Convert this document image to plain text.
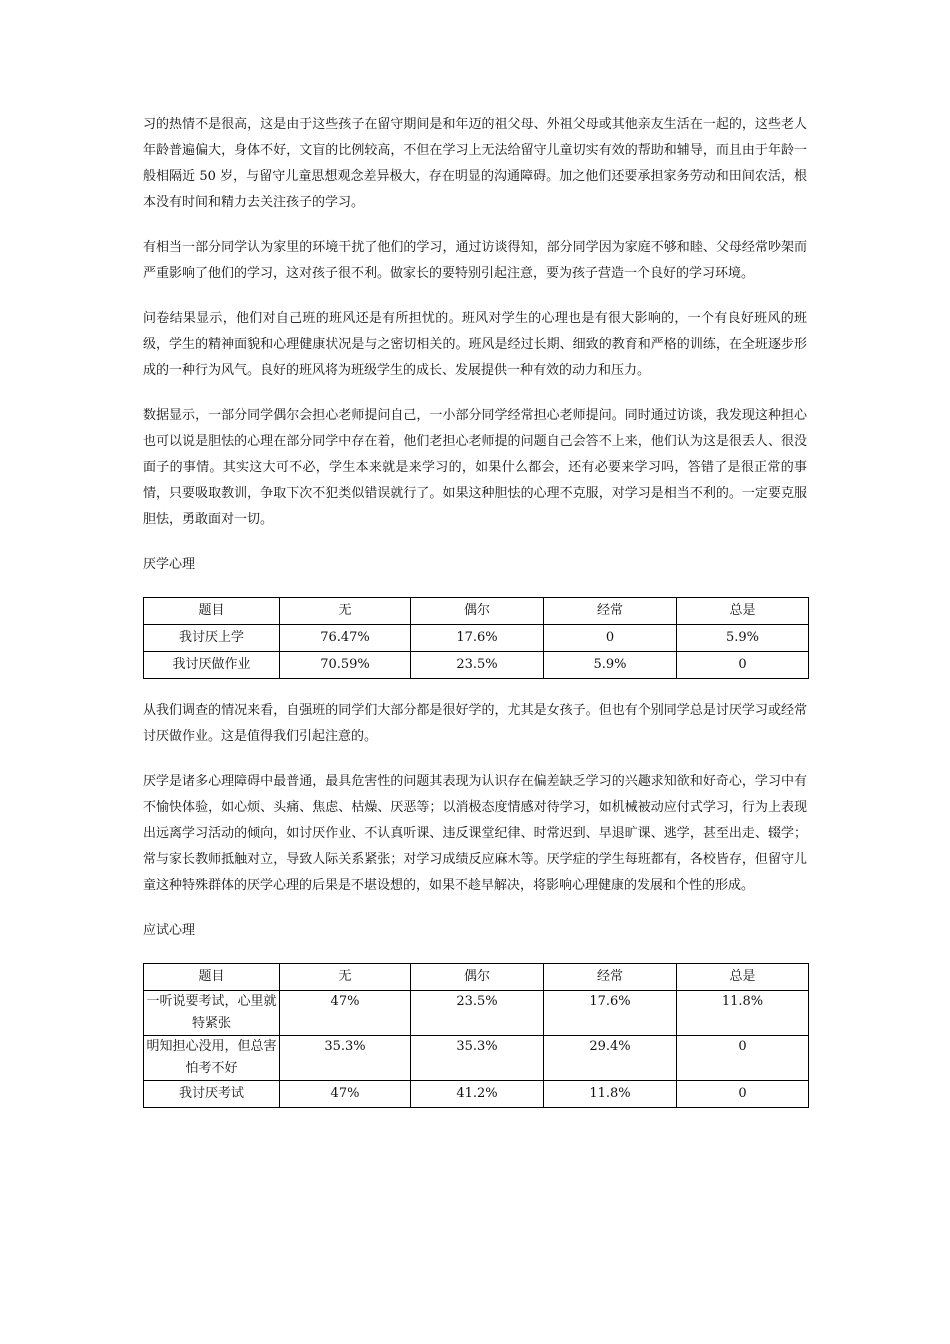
习的热情不是很高，这是由于这些孩子在留守期间是和年迈的祖父母、外祖父母或其他亲友生活在一起的，这些老人年龄普遍偏大，身体不好，文盲的比例较高，不但在学习上无法给留守儿童切实有效的帮助和辅导，而且由于年龄一般相隔近 50 岁，与留守儿童思想观念差异极大，存在明显的沟通障碍。加之他们还要承担家务劳动和田间农活，根本没有时间和精力去关注孩子的学习。

有相当一部分同学认为家里的环境干扰了他们的学习，通过访谈得知，部分同学因为家庭不够和睦、父母经常吵架而严重影响了他们的学习，这对孩子很不利。做家长的要特别引起注意，要为孩子营造一个良好的学习环境。

问卷结果显示，他们对自己班的班风还是有所担忧的。班风对学生的心理也是有很大影响的，一个有良好班风的班级，学生的精神面貌和心理健康状况是与之密切相关的。班风是经过长期、细致的教育和严格的训练，在全班逐步形成的一种行为风气。良好的班风将为班级学生的成长、发展提供一种有效的动力和压力。

数据显示，一部分同学偶尔会担心老师提问自己，一小部分同学经常担心老师提问。同时通过访谈，我发现这种担心也可以说是胆怯的心理在部分同学中存在着，他们老担心老师提的问题自己会答不上来，他们认为这是很丢人、很没面子的事情。其实这大可不必，学生本来就是来学习的，如果什么都会，还有必要来学习吗，答错了是很正常的事情，只要吸取教训，争取下次不犯类似错误就行了。如果这种胆怯的心理不克服，对学习是相当不利的。一定要克服胆怯，勇敢面对一切。

厌学心理
题目	无	偶尔	经常	总是
我讨厌上学	76.47%	17.6%	0	5.9%
我讨厌做作业	70.59%	23.5%	5.9%	0

从我们调查的情况来看，自强班的同学们大部分都是很好学的，尤其是女孩子。但也有个别同学总是讨厌学习或经常讨厌做作业。这是值得我们引起注意的。

厌学是诸多心理障碍中最普通，最具危害性的问题其表现为认识存在偏差缺乏学习的兴趣求知欲和好奇心，学习中有不愉快体验，如心烦、头痛、焦虑、枯燥、厌恶等；以消极态度情感对待学习，如机械被动应付式学习，行为上表现出远离学习活动的倾向，如讨厌作业、不认真听课、违反课堂纪律、时常迟到、早退旷课、逃学，甚至出走、辍学；常与家长教师抵触对立，导致人际关系紧张；对学习成绩反应麻木等。厌学症的学生每班都有，各校皆存，但留守儿童这种特殊群体的厌学心理的后果是不堪设想的，如果不趁早解决，将影响心理健康的发展和个性的形成。

应试心理
题目	无	偶尔	经常	总是
一听说要考试，心里就特紧张	47%	23.5%	17.6%	11.8%
明知担心没用，但总害怕考不好	35.3%	35.3%	29.4%	0
我讨厌考试	47%	41.2%	11.8%	0
